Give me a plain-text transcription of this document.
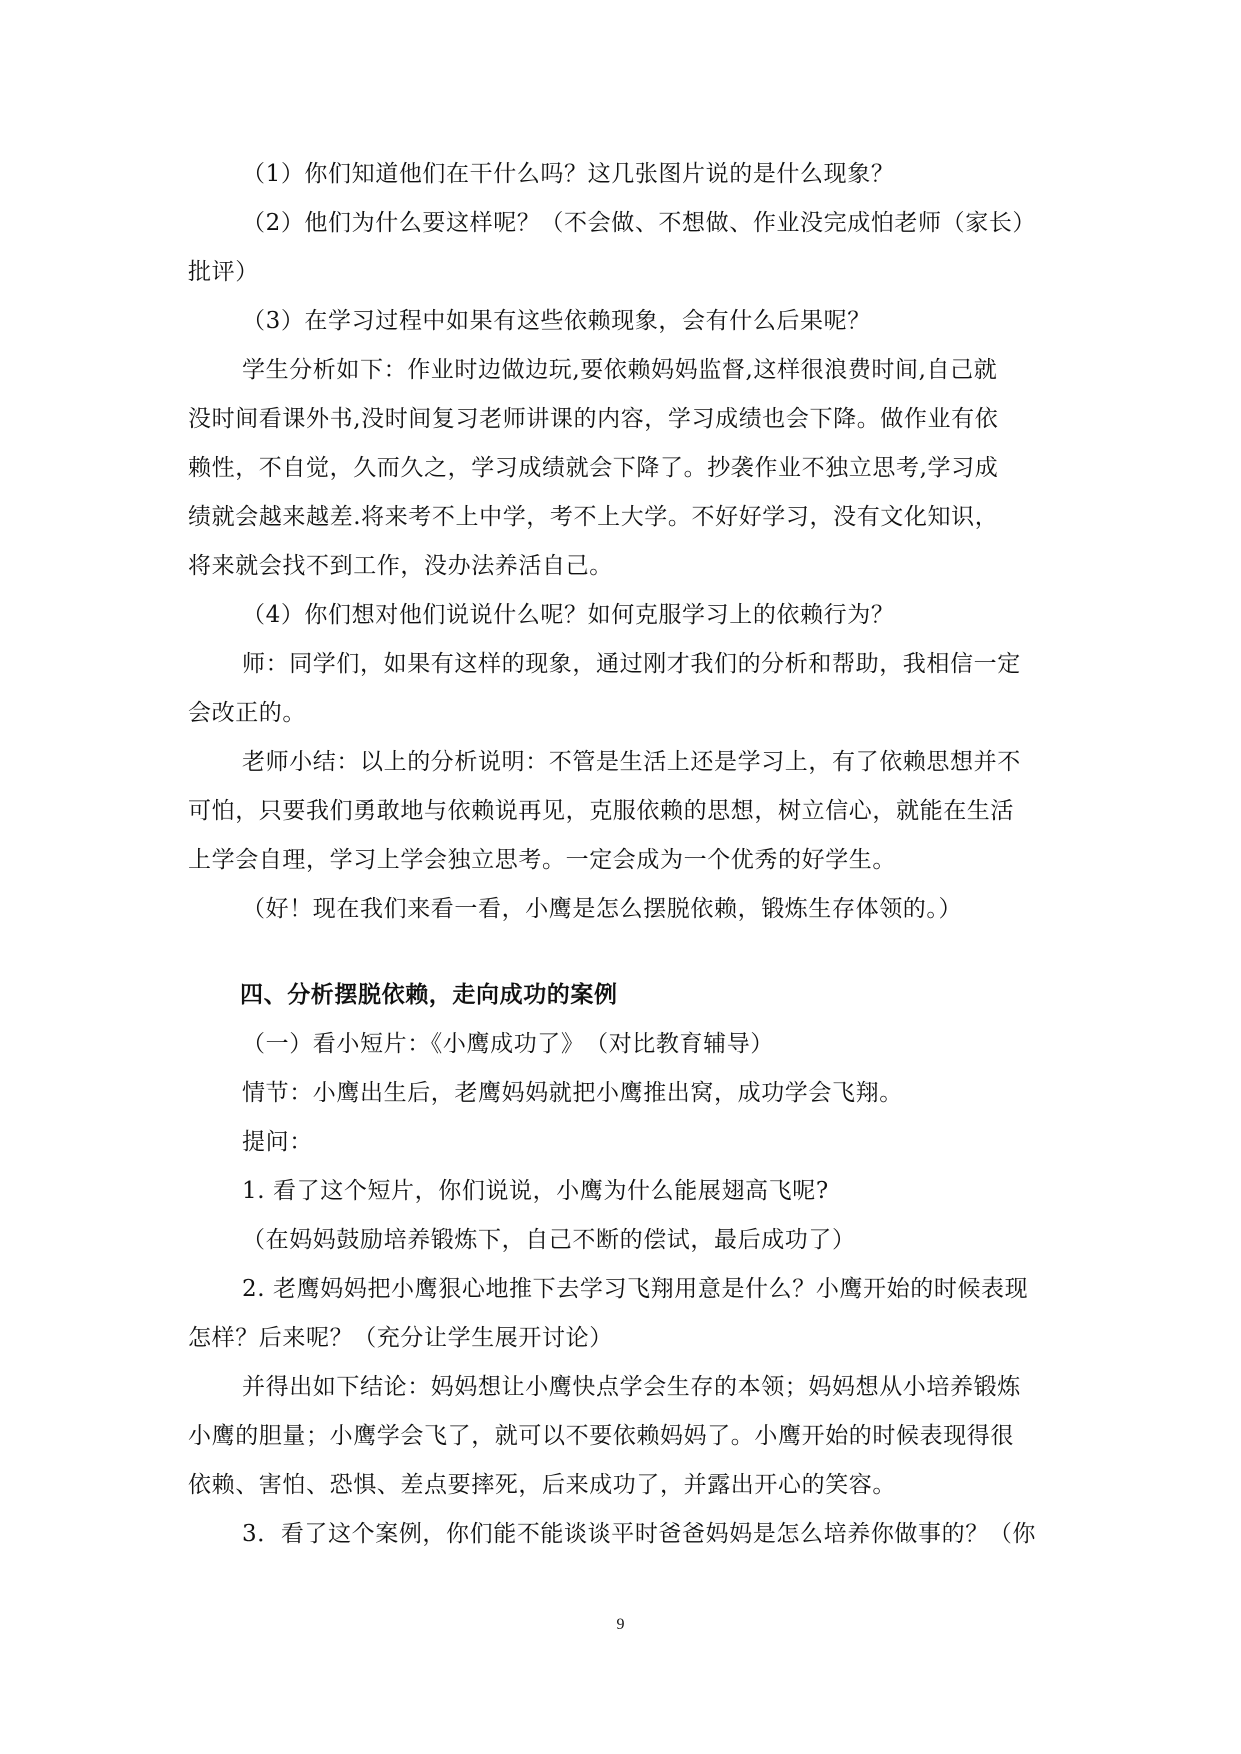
（1）你们知道他们在干什么吗？这几张图片说的是什么现象？
（2）他们为什么要这样呢？（不会做、不想做、作业没完成怕老师（家长）
批评）
（3）在学习过程中如果有这些依赖现象，会有什么后果呢？
学生分析如下：作业时边做边玩,要依赖妈妈监督,这样很浪费时间,自己就
没时间看课外书,没时间复习老师讲课的内容，学习成绩也会下降。做作业有依
赖性，不自觉，久而久之，学习成绩就会下降了。抄袭作业不独立思考,学习成
绩就会越来越差.将来考不上中学，考不上大学。不好好学习，没有文化知识，
将来就会找不到工作，没办法养活自己。
（4）你们想对他们说说什么呢？如何克服学习上的依赖行为？
师：同学们，如果有这样的现象，通过刚才我们的分析和帮助，我相信一定
会改正的。
老师小结：以上的分析说明：不管是生活上还是学习上，有了依赖思想并不
可怕，只要我们勇敢地与依赖说再见，克服依赖的思想，树立信心，就能在生活
上学会自理，学习上学会独立思考。一定会成为一个优秀的好学生。
（好！现在我们来看一看，小鹰是怎么摆脱依赖，锻炼生存体领的。）
四、分析摆脱依赖，走向成功的案例
（一）看小短片：《小鹰成功了》　（对比教育辅导）
情节：小鹰出生后，老鹰妈妈就把小鹰推出窝，成功学会飞翔。
提问：
1. 看了这个短片，你们说说，小鹰为什么能展翅高飞呢?
（在妈妈鼓励培养锻炼下，自己不断的偿试，最后成功了）
2. 老鹰妈妈把小鹰狠心地推下去学习飞翔用意是什么？小鹰开始的时候表现
怎样？后来呢？（充分让学生展开讨论）
并得出如下结论：妈妈想让小鹰快点学会生存的本领；妈妈想从小培养锻炼
小鹰的胆量；小鹰学会飞了，就可以不要依赖妈妈了。小鹰开始的时候表现得很
依赖、害怕、恐惧、差点要摔死，后来成功了，并露出开心的笑容。
3．看了这个案例，你们能不能谈谈平时爸爸妈妈是怎么培养你做事的？（你
9
